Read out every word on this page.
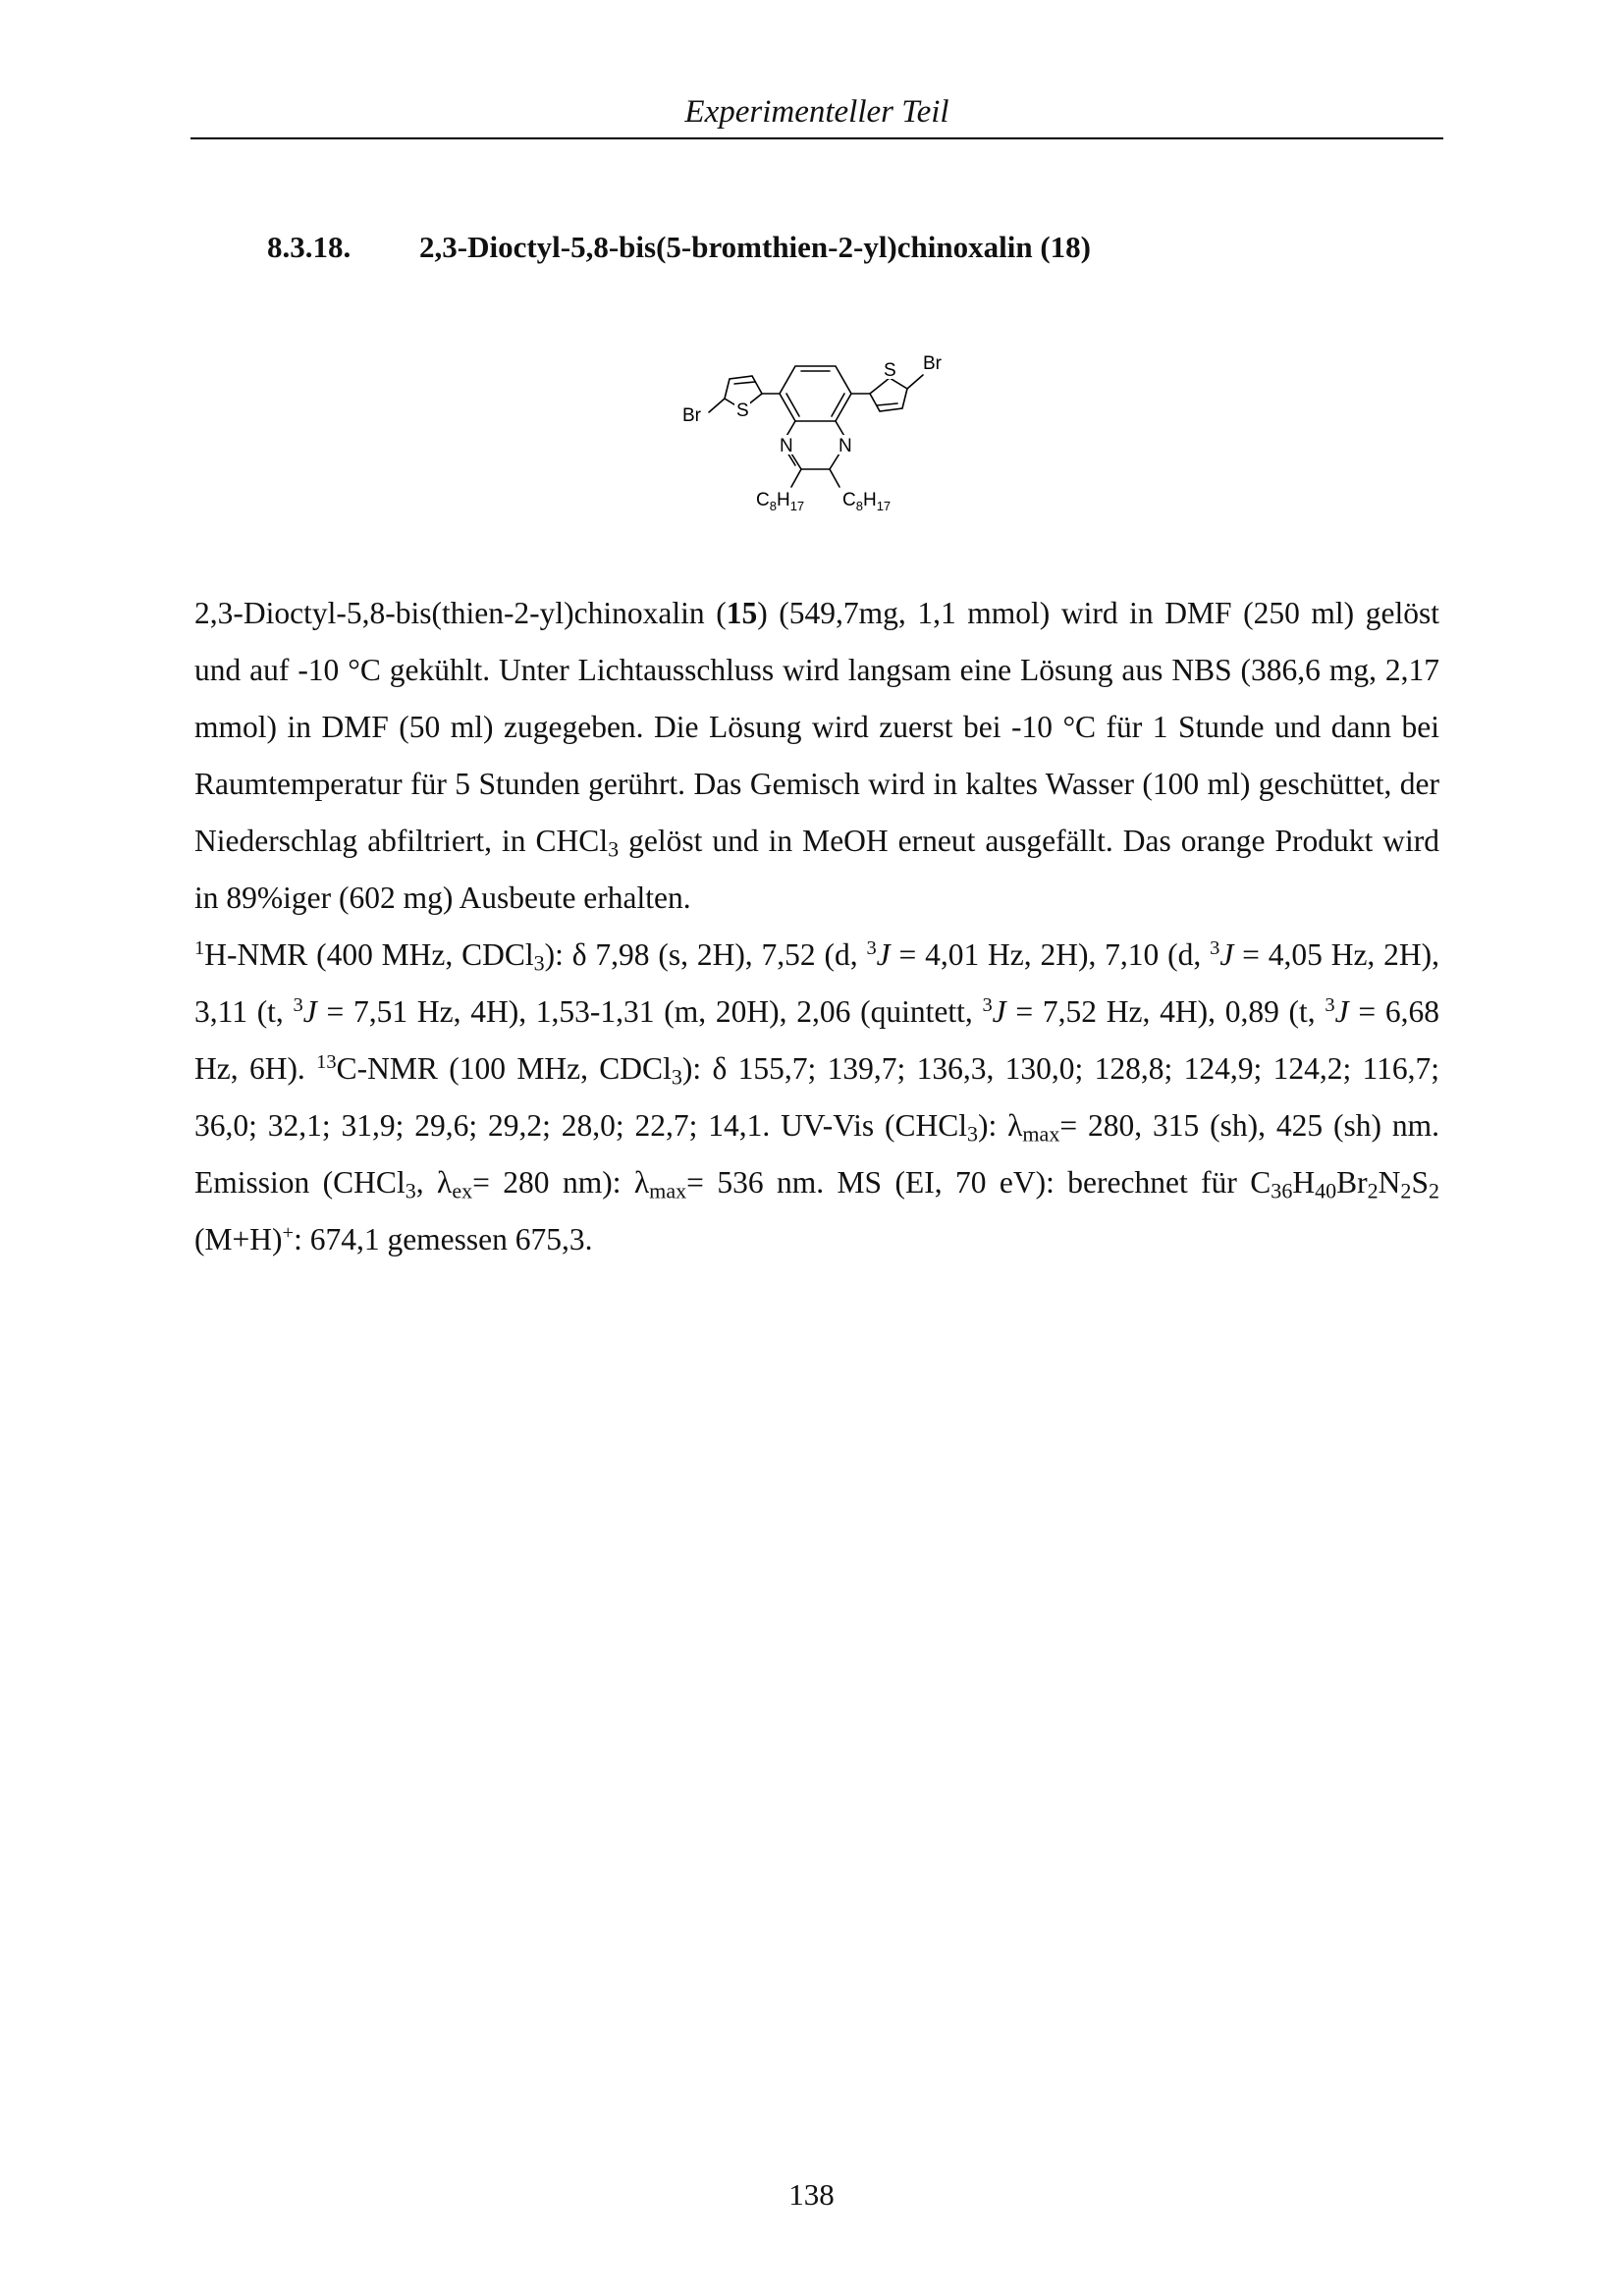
Experimenteller Teil
8.3.18. 2,3-Dioctyl-5,8-bis(5-bromthien-2-yl)chinoxalin (18)
S Br
S
Br
N N
$C_8H_{17}$ $C_8H_{17}$

2,3-Dioctyl-5,8-bis(thien-2-yl)chinoxalin (15) (549,7mg, 1,1 mmol) wird in DMF (250 ml) gelöst und auf -10 °C gekühlt. Unter Lichtausschluss wird langsam eine Lösung aus NBS (386,6 mg, 2,17 mmol) in DMF (50 ml) zugegeben. Die Lösung wird zuerst bei -10 °C für 1 Stunde und dann bei Raumtemperatur für 5 Stunden gerührt. Das Gemisch wird in kaltes Wasser (100 ml) geschüttet, der Niederschlag abfiltriert, in CHCl$_3$ gelöst und in MeOH erneut ausgefällt. Das orange Produkt wird in 89%iger (602 mg) Ausbeute erhalten.

$^1$H-NMR (400 MHz, CDCl$_3$): δ 7,98 (s, 2H), 7,52 (d, $^3$J = 4,01 Hz, 2H), 7,10 (d, $^3$J = 4,05 Hz, 2H), 3,11 (t, $^3$J = 7,51 Hz, 4H), 1,53-1,31 (m, 20H), 2,06 (quintett, $^3$J = 7,52 Hz, 4H), 0,89 (t, $^3$J = 6,68 Hz, 6H). $^{13}$C-NMR (100 MHz, CDCl$_3$): δ 155,7; 139,7; 136,3, 130,0; 128,8; 124,9; 124,2; 116,7; 36,0; 32,1; 31,9; 29,6; 29,2; 28,0; 22,7; 14,1. UV-Vis (CHCl$_3$): $\lambda_{max}= 280$, 315 (sh), 425 (sh) nm. Emission (CHCl$_3$, $\lambda_{ex}= 280$ nm): $\lambda_{max}= 536$ nm. MS (EI, 70 eV): berechnet für $C_{36}H_{40}Br_2N_2S_2$ (M+H)+: 674,1 gemessen 675,3.

138
